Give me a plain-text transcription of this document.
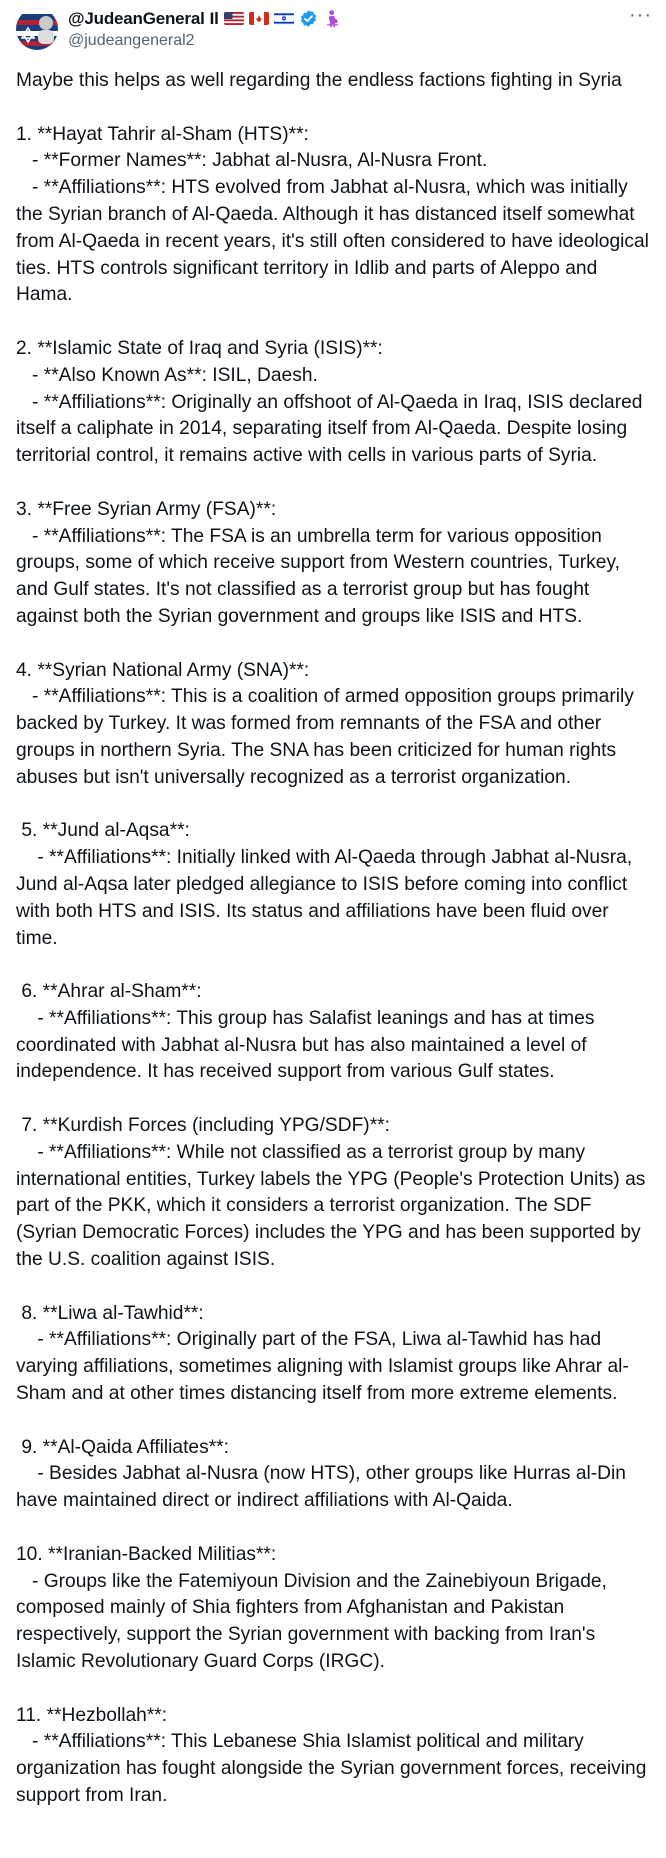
@JudeanGeneral Il
@judeangeneral2
···
Maybe this helps as well regarding the endless factions fighting in Syria

1. **Hayat Tahrir al-Sham (HTS)**:
- **Former Names**: Jabhat al-Nusra, Al-Nusra Front.
- **Affiliations**: HTS evolved from Jabhat al-Nusra, which was initially the Syrian branch of Al-Qaeda. Although it has distanced itself somewhat from Al-Qaeda in recent years, it's still often considered to have ideological ties. HTS controls significant territory in Idlib and parts of Aleppo and Hama.

2. **Islamic State of Iraq and Syria (ISIS)**:
- **Also Known As**: ISIL, Daesh.
- **Affiliations**: Originally an offshoot of Al-Qaeda in Iraq, ISIS declared itself a caliphate in 2014, separating itself from Al-Qaeda. Despite losing territorial control, it remains active with cells in various parts of Syria.

3. **Free Syrian Army (FSA)**:
- **Affiliations**: The FSA is an umbrella term for various opposition groups, some of which receive support from Western countries, Turkey, and Gulf states. It's not classified as a terrorist group but has fought against both the Syrian government and groups like ISIS and HTS.

4. **Syrian National Army (SNA)**:
- **Affiliations**: This is a coalition of armed opposition groups primarily backed by Turkey. It was formed from remnants of the FSA and other groups in northern Syria. The SNA has been criticized for human rights abuses but isn't universally recognized as a terrorist organization.

5. **Jund al-Aqsa**:
- **Affiliations**: Initially linked with Al-Qaeda through Jabhat al-Nusra, Jund al-Aqsa later pledged allegiance to ISIS before coming into conflict with both HTS and ISIS. Its status and affiliations have been fluid over time.

6. **Ahrar al-Sham**:
- **Affiliations**: This group has Salafist leanings and has at times coordinated with Jabhat al-Nusra but has also maintained a level of independence. It has received support from various Gulf states.

7. **Kurdish Forces (including YPG/SDF)**:
- **Affiliations**: While not classified as a terrorist group by many international entities, Turkey labels the YPG (People's Protection Units) as part of the PKK, which it considers a terrorist organization. The SDF (Syrian Democratic Forces) includes the YPG and has been supported by the U.S. coalition against ISIS.

8. **Liwa al-Tawhid**:
- **Affiliations**: Originally part of the FSA, Liwa al-Tawhid has had varying affiliations, sometimes aligning with Islamist groups like Ahrar al-Sham and at other times distancing itself from more extreme elements.

9. **Al-Qaida Affiliates**:
- Besides Jabhat al-Nusra (now HTS), other groups like Hurras al-Din have maintained direct or indirect affiliations with Al-Qaida.

10. **Iranian-Backed Militias**:
- Groups like the Fatemiyoun Division and the Zainebiyoun Brigade, composed mainly of Shia fighters from Afghanistan and Pakistan respectively, support the Syrian government with backing from Iran's Islamic Revolutionary Guard Corps (IRGC).

11. **Hezbollah**:
- **Affiliations**: This Lebanese Shia Islamist political and military organization has fought alongside the Syrian government forces, receiving support from Iran.
